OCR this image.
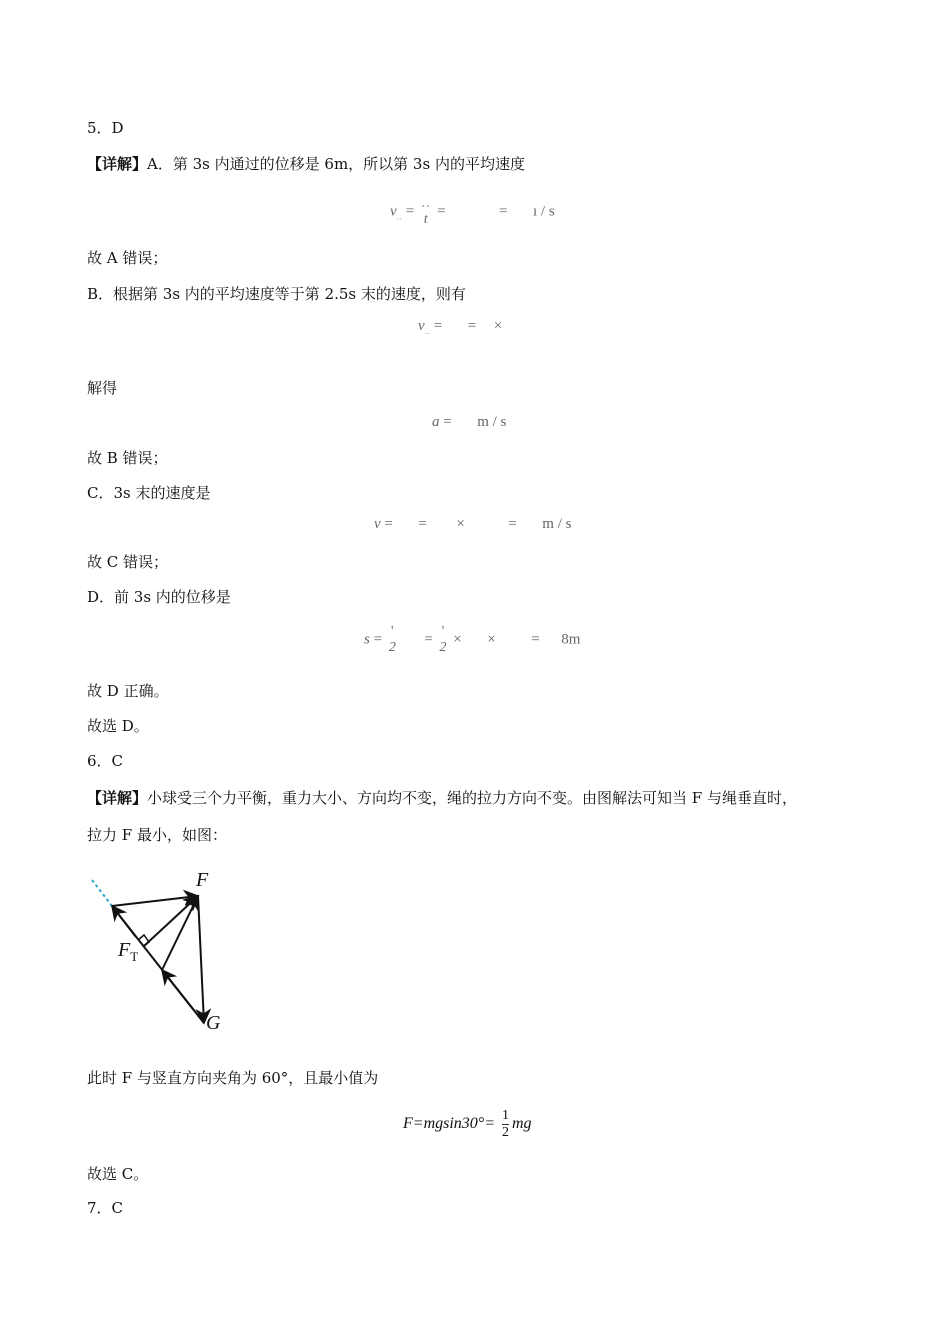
5．D
【详解】A．第 3s 内通过的位移是 6m，所以第 3s 内的平均速度
$v_‥$ = ‥
t
=	= ı / s
故 A 错误；
B．根据第 3s 内的平均速度等于第 2.5s 末的速度，则有
$v_‥$ = = ×
解得
a = m / s
故 B 错误；
C．3s 末的速度是
v = = ×	= m / s
故 C 错误；
D．前 3s 内的位移是
s = '
2
= '
2
× × = 8m
故 D 正确。
故选 D。
6．C
【详解】小球受三个力平衡，重力大小、方向均不变，绳的拉力方向不变。由图解法可知当 F 与绳垂直时，
拉力 F 最小，如图：
F
$F_T$
G
此时 F 与竖直方向夹角为 60°，且最小值为
$F=mgsin30^\circ= \frac{1}{2}$ mg
故选 C。
7．C
